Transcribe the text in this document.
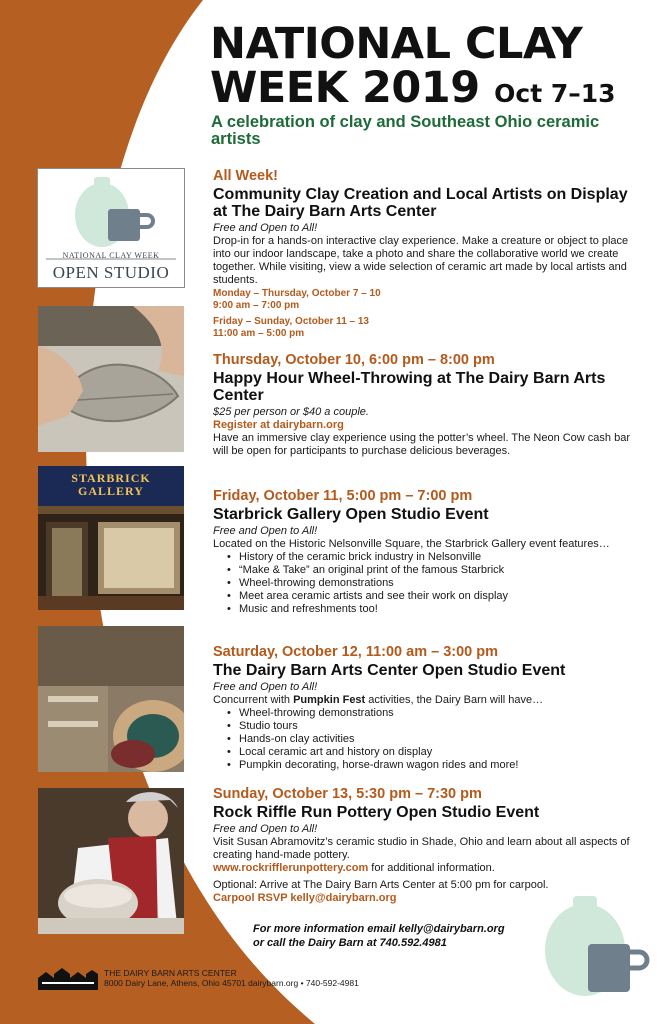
NATIONAL CLAY
WEEK 2019 Oct 7–13
A celebration of clay and Southeast Ohio ceramic artists
NATIONAL CLAY WEEK
OPEN STUDIO
STARBRICK GALLERY
All Week!
Community Clay Creation and Local Artists on Display at The Dairy Barn Arts Center
Free and Open to All!
Drop-in for a hands-on interactive clay experience. Make a creature or object to place into our indoor landscape, take a photo and share the collaborative world we create together. While visiting, view a wide selection of ceramic art made by local artists and students.
Monday – Thursday, October 7 – 10
9:00 am – 7:00 pm
Friday – Sunday, October 11 – 13
11:00 am – 5:00 pm
Thursday, October 10, 6:00 pm – 8:00 pm
Happy Hour Wheel-Throwing at The Dairy Barn Arts Center
$25 per person or $40 a couple.
Register at dairybarn.org
Have an immersive clay experience using the potter’s wheel. The Neon Cow cash bar will be open for participants to purchase delicious beverages.
Friday, October 11, 5:00 pm – 7:00 pm
Starbrick Gallery Open Studio Event
Free and Open to All!
Located on the Historic Nelsonville Square, the Starbrick Gallery event features…
• History of the ceramic brick industry in Nelsonville
• “Make & Take” an original print of the famous Starbrick
• Wheel-throwing demonstrations
• Meet area ceramic artists and see their work on display
• Music and refreshments too!
Saturday, October 12, 11:00 am – 3:00 pm
The Dairy Barn Arts Center Open Studio Event
Free and Open to All!
Concurrent with Pumpkin Fest activities, the Dairy Barn will have…
• Wheel-throwing demonstrations
• Studio tours
• Hands-on clay activities
• Local ceramic art and history on display
• Pumpkin decorating, horse-drawn wagon rides and more!
Sunday, October 13, 5:30 pm – 7:30 pm
Rock Riffle Run Pottery Open Studio Event
Free and Open to All!
Visit Susan Abramovitz’s ceramic studio in Shade, Ohio and learn about all aspects of creating hand-made pottery.
www.rockrifflerunpottery.com for additional information.
Optional: Arrive at The Dairy Barn Arts Center at 5:00 pm for carpool.
Carpool RSVP kelly@dairybarn.org
For more information email kelly@dairybarn.org
or call the Dairy Barn at 740.592.4981
THE DAIRY BARN ARTS CENTER
8000 Dairy Lane, Athens, Ohio 45701 dairybarn.org • 740-592-4981
